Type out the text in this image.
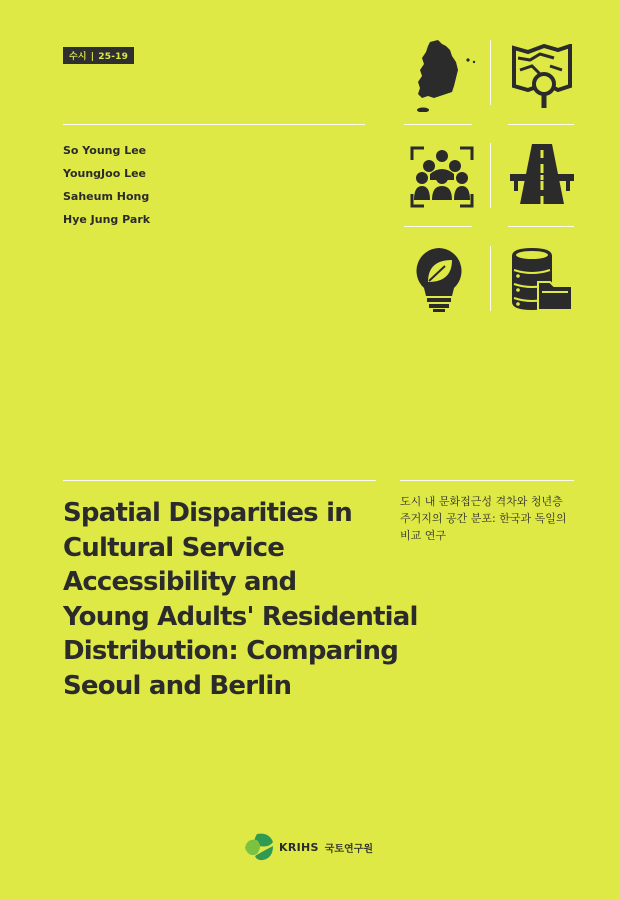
수시 | 25-19
So Young Lee
YoungJoo Lee
Saheum Hong
Hye Jung Park
Spatial Disparities in
Cultural Service
Accessibility and
Young Adults' Residential
Distribution: Comparing
Seoul and Berlin
도시 내 문화접근성 격차와 청년층
주거지의 공간 분포: 한국과 독일의
비교 연구
KRIHS 국토연구원
